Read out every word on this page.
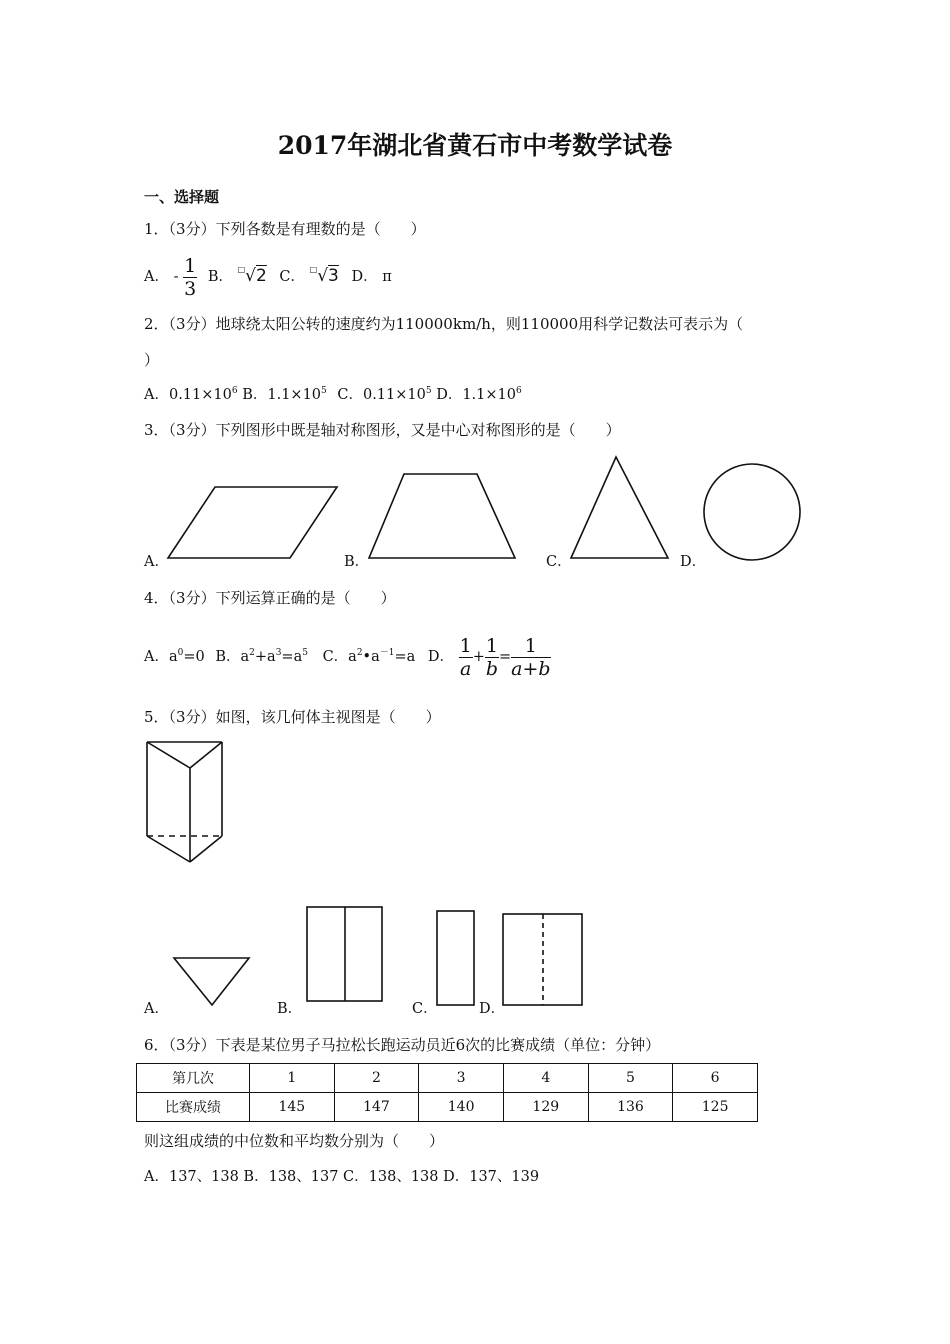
2017年湖北省黄石市中考数学试卷
一、选择题
1．（3分）下列各数是有理数的是（　　）
A． - $\frac{1}{3}$ B． □√2 C． □√3 D． π
2．（3分）地球绕太阳公转的速度约为110000km/h，则110000用科学记数法可表示为（
）
A．$0.11\times 10^6$ B．$1.1\times 10^5$ C．$0.11\times 10^5$ D．$1.1\times 10^6$
3．（3分）下列图形中既是轴对称图形，又是中心对称图形的是（　　）
A．	B．	C．	D．
4．（3分）下列运算正确的是（　　）
A．$a^0=0$ B．$a^2+a^3=a^5$ C．$a^2•a^{-1}=a$ D． $\frac{1}{a} + \frac{1}{b} = \frac{1}{a+b}$
5．（3分）如图，该几何体主视图是（　　）
A．	B．	C．	D．
6．（3分）下表是某位男子马拉松长跑运动员近6次的比赛成绩（单位：分钟）
第几次	1	2	3	4	5	6
比赛成绩	145	147	140	129	136	125
则这组成绩的中位数和平均数分别为（　　）
A．137、138 B．138、137 C．138、138 D．137、139
